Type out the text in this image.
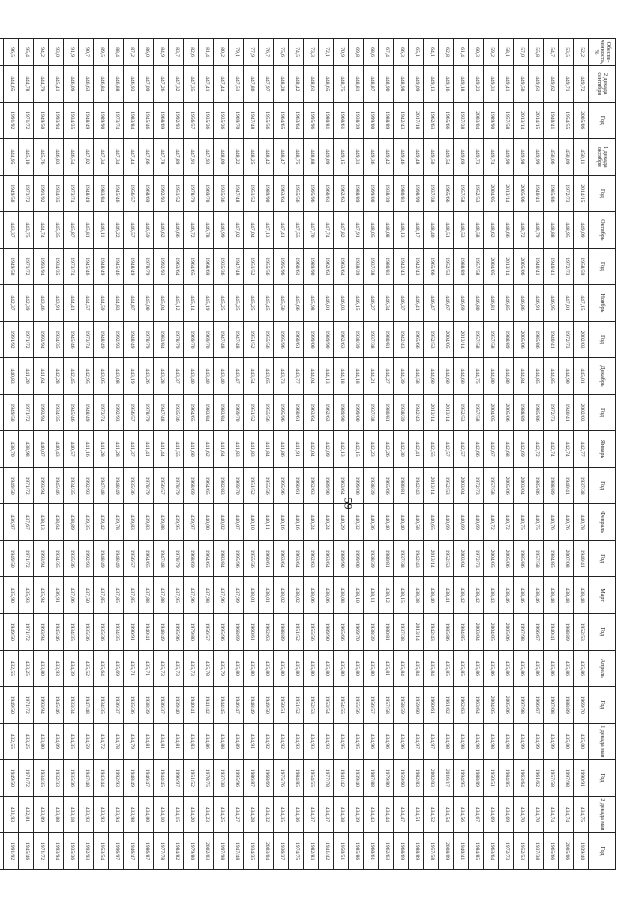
59
Обеспе-ченность, %	2 декада сентября	Год	1 декада октября	Год	Октябрь	Год	Ноябрь	Год	Декабрь	Год	Январь	Год	Февраль	Год	Март	Год	Апрель	Год	1 декада мая	Год	2 декада мая	Год
52,2	449,72	2005/06	450,11	2014/15	449,09	1958/59	447,15	2002/03	445,01	2002/03	442,77	1937/38	440,78	1940/41	438,48	1952/53	435,86	1969/70	435,00	1990/91	434,75	1939/40
53,5	449,71	1954/55	450,09	1972/73	448,95	1972/73	447,01	1972/73	444,90	1940/41	442,74	1940/41	440,76	2007/08	438,48	1988/89	435,86	1988/89	435,00	1997/98	434,74	2005/06
54,7	449,62	1940/41	450,06	1985/86	448,88	1940/41	446,95	1940/41	444,85	1972/73	442,74	1988/89	440,76	1984/85	438,48	1940/41	435,86	1907/08	434,99	1957/58	434,74	1965/66
55,8	449,61	2014/15	449,99	1940/41	448,79	1940/41	446,91	1985/86	444,85	1985/86	442,72	1985/86	440,75	1957/58	438,46	1966/67	435,86	1966/67	434,99	1961/62	434,70	1937/38
57,0	449,50	2013/14	449,98	2005/06	448,72	2005/06	446,86	2005/06	444,84	1988/89	442,69	2003/04	440,75	1985/86	438,46	1997/98	435,86	1997/98	434,99	1963/64	434,70	1952/53
58,1	449,41	1957/58	449,90	2013/14	448,66	2013/14	446,85	1988/89	444,80	2005/06	442,68	2005/06	440,72	2005/06	438,46	2005/06	435,86	2005/06	434,98	1984/85	434,69	1972/73
59,2	449,31	1989/90	449,74	2004/05	448,62	2004/05	446,81	1957/58	444,80	2004/05	442,67	1957/58	440,72	2004/05	438,43	2004/05	435,86	2004/05	434,98	1950/51	434,69	1963/64
60,3	449,23	2003/04	449,73	1952/53	448,58	1957/58	446,80	1957/58	444,75	1957/58	442,66	1972/73	440,69	1972/73	438,42	2003/04	435,86	1963/64	434,98	1988/89	434,67	1984/85
61,4	449,18	1937/38	449,69	1957/58	448,53	1988/89	446,69	2013/14	444,60	1952/53	442,57	2003/04	440,69	2003/04	438,42	1984/85	435,85	1962/63	434,98	1994/95	434,56	1940/41
62,8	449,16	1965/66	449,54	1965/66	448,51	1952/53	446,67	2004/05	444,60	2013/14	442,57	1952/53	440,69	1952/53	438,41	1985/86	435,85	1961/62	434,98	2016/17	434,54	2008/09
64,1	449,13	1962/63	449,50	1937/38	448,40	1965/66	446,47	1952/53	444,60	2013/14	442,55	2013/14	440,65	2013/14	438,40	1942/43	435,84	1960/61	434,97	2002/03	434,52	1957/58
65,1	449,09	2017/18	449,48	1998/99	448,17	1942/43	446,41	1965/66	444,58	1942/43	442,41	1942/43	440,58	1942/43	438,38	2013/14	435,84	1959/60	434,97	1982/83	434,51	1988/89
66,3	448,98	1942/43	449,46	1980/81	448,13	1942/43	446,37	1942/43	444,39	1938/39	442,30	1980/81	440,40	1937/38	438,15	1937/38	435,84	1958/59	434,96	1959/60	434,47	1968/69
67,4	448,90	1988/89	449,42	1938/39	448,08	1980/81	446,34	1980/81	444,27	1980/81	442,26	1965/66	440,40	1980/81	438,12	1980/81	435,81	1957/58	434,96	1979/80	434,44	1962/63
68,6	448,87	1999/00	449,36	1999/00	448,05	1937/38	446,27	1937/38	444,21	1937/38	442,23	1938/39	440,36	1938/39	438,11	1938/39	435,80	1956/57	434,96	1987/88	434,43	1960/61
69,8	448,81	1938/39	449,31	1988/89	447,91	1938/39	446,15	1938/39	444,18	1999/00	442,15	1999/00	440,32	1999/00	438,10	1969/70	435,80	1955/56	434,95	1939/40	434,39	1985/86
70,9	448,75	1960/61	449,15	1962/63	447,82	1963/64	446,03	1962/63	444,18	1989/90	442,13	1963/64	440,29	1989/90	438,08	1965/66	435,80	1954/55	434,95	1941/42	434,38	1950/51
72,1	448,65	1980/81	449,09	1960/61	447,74	1962/63	446,01	1989/90	444,13	1962/63	442,09	1989/90	440,24	1963/64	438,06	1989/90	435,80	1953/54	434,93	1977/78	434,37	1941/42
73,3	448,61	1995/96	448,88	1995/96	447,70	1989/90	445,98	1999/00	444,04	1963/64	442,04	1962/63	440,24	1962/63	438,06	1955/56	435,80	1952/53	434,93	1954/55	434,37	1982/83
74,5	448,42	1963/64	448,75	1955/56	447,55	1960/61	445,66	1960/61	443,77	1960/61	441,91	1960/61	440,16	1963/64	438,02	1951/52	435,80	1951/52	434,93	1984/85	434,36	1974/75
75,6	448,28	1964/65	448,47	1963/64	447,41	1995/96	445,50	1995/96	443,73	1995/96	441,86	1995/96	440,16	1963/64	438,02	1988/89	435,80	1950/51	434,92	1975/76	434,35	1936/37
76,7	447,97	1955/56	448,42	1989/90	447,13	1955/56	445,45	1955/56	443,65	1955/56	441,84	1955/56	440,11	1960/61	438,01	1962/63	435,80	1949/50	434,92	1968/69	434,32	2003/04
77,9	447,80	1947/48	448,25	1951/52	447,04	1951/52	445,25	1951/52	443,54	1951/52	441,83	1951/52	440,10	1955/56	438,01	1960/61	435,80	1948/49	434,91	1986/87	434,28	1934/35
79,1	447,51	1969/70	448,22	1947/48	447,02	1947/48	445,25	1947/48	443,47	1969/70	441,83	1969/70	440,07	1995/96	437,99	1968/69	435,80	1946/47	434,89	1995/96	434,27	1947/48
80,2	447,44	1935/36	448,09	1935/36	446,99	1935/36	445,25	1947/48	443,40	1983/84	441,64	1982/83	440,02	1983/84	437,96	1995/96	435,79	1944/45	434,88	1937/38	434,25	1997/98
81,4	447,41	1935/36	447,93	1969/70	446,78	1968/69	445,19	1969/70	443,40	1983/84	441,62	1964/65	440,00	1964/65	437,98	1956/57	435,78	1941/42	434,86	1978/75	434,23	2002/03
82,6	447,35	1956/57	447,91	1978/79	446,72	1964/65	445,14	1969/70	443,40	1964/65	441,60	1968/69	439,97	1968/69	437,96	1979/80	435,73	1940/41	434,83	1951/52	434,20	1979/80
83,7	447,32	1992/93	447,89	1951/52	446,66	1963/64	445,12	1978/79	443,37	1935/36	441,55	1978/79	439,95	1978/79	437,95	1995/96	435,73	1939/40	434,81	1996/97	434,15	1984/82
84,9	447,26	1968/69	447,78	1992/93	446,62	1992/93	445,04	1983/84	443,28	1947/48	441,44	1956/57	439,88	1947/48	437,88	1948/49	435,73	1936/37	434,81	1944/45	434,10	1977/78
86,0	447,09	1945/46	447,66	1968/69	446,59	1978/79	445,00	1978/79	443,26	1978/79	441,41	1978/79	439,83	1964/65	437,88	1940/41	435,71	1938/39	434,81	1946/47	434,00	1986/87
87,2	446,93	1983/84	447,44	1956/57	446,57	1948/49	444,87	1948/49	443,19	1956/57	441,37	1935/36	439,83	1956/57	437,85	1990/91	435,71	1935/36	434,79	1948/49	433,98	1946/47
88,4	446,88	1973/74	447,34	1945/46	446,22	1945/46	444,83	1992/93	443,08	1992/93	441,28	1948/49	439,78	1948/49	437,85	1934/35	435,69	1936/37	434,78	1992/93	433,94	1996/97
89,5	446,84	1989/90	447,34	1983/84	446,11	1948/49	444,59	1948/49	443,05	1973/74	441,28	1947/48	439,42	1948/49	437,85	1935/36	435,64	1934/35	434,72	1943/44	433,93	1953/54
90,7	446,63	1948/49	447,02	1948/49	445,81	1945/46	444,57	1973/74	442,95	1948/49	441,16	1992/93	439,35	1992/93	437,50	1935/36	435,52	1947/48	434,59	1947/48	433,93	1992/93
91,9	446,09	1934/35	446,54	1973/74	445,87	1973/74	444,41	1945/46	442,45	1945/46	440,57	1934/35	438,89	1935/36	437,06	1934/35	434,39	1933/34	434,35	1935/36	433,18	1935/36
93,0	445,41	1993/94	446,03	1934/35	445,35	1934/35	443,91	1934/35	442,28	1934/35	440,43	1945/46	438,64	1934/35	436,91	1945/46	433,93	1945/46	434,09	1932/33	433,08	1993/94
94,2	444,79	1949/50	445,76	1991/92	444,74	1993/94	443,46	1993/94	441,64	1993/94	440,07	1993/94	438,13	1993/94	435,94	1993/94	433,80	1993/94	433,80	1934/35	433,09	1971/72
95,4	444,78	1971/72	445,10	1971/72	443,75	1971/72	442,39	1971/72	441,20	1971/72	438,98	1971/72	437,67	1971/72	435,93	1971/72	433,25	1971/72	433,25	1971/72	432,01	1945/46
96,5	444,65	1991/92	444,95	1949/50	443,37	1949/50	442,37	1991/92	440,83	1949/50	438,70	1949/50	436,97	1949/50	435,90	1949/50	432,55	1949/50	432,55	1949/50	431,93	1991/92
